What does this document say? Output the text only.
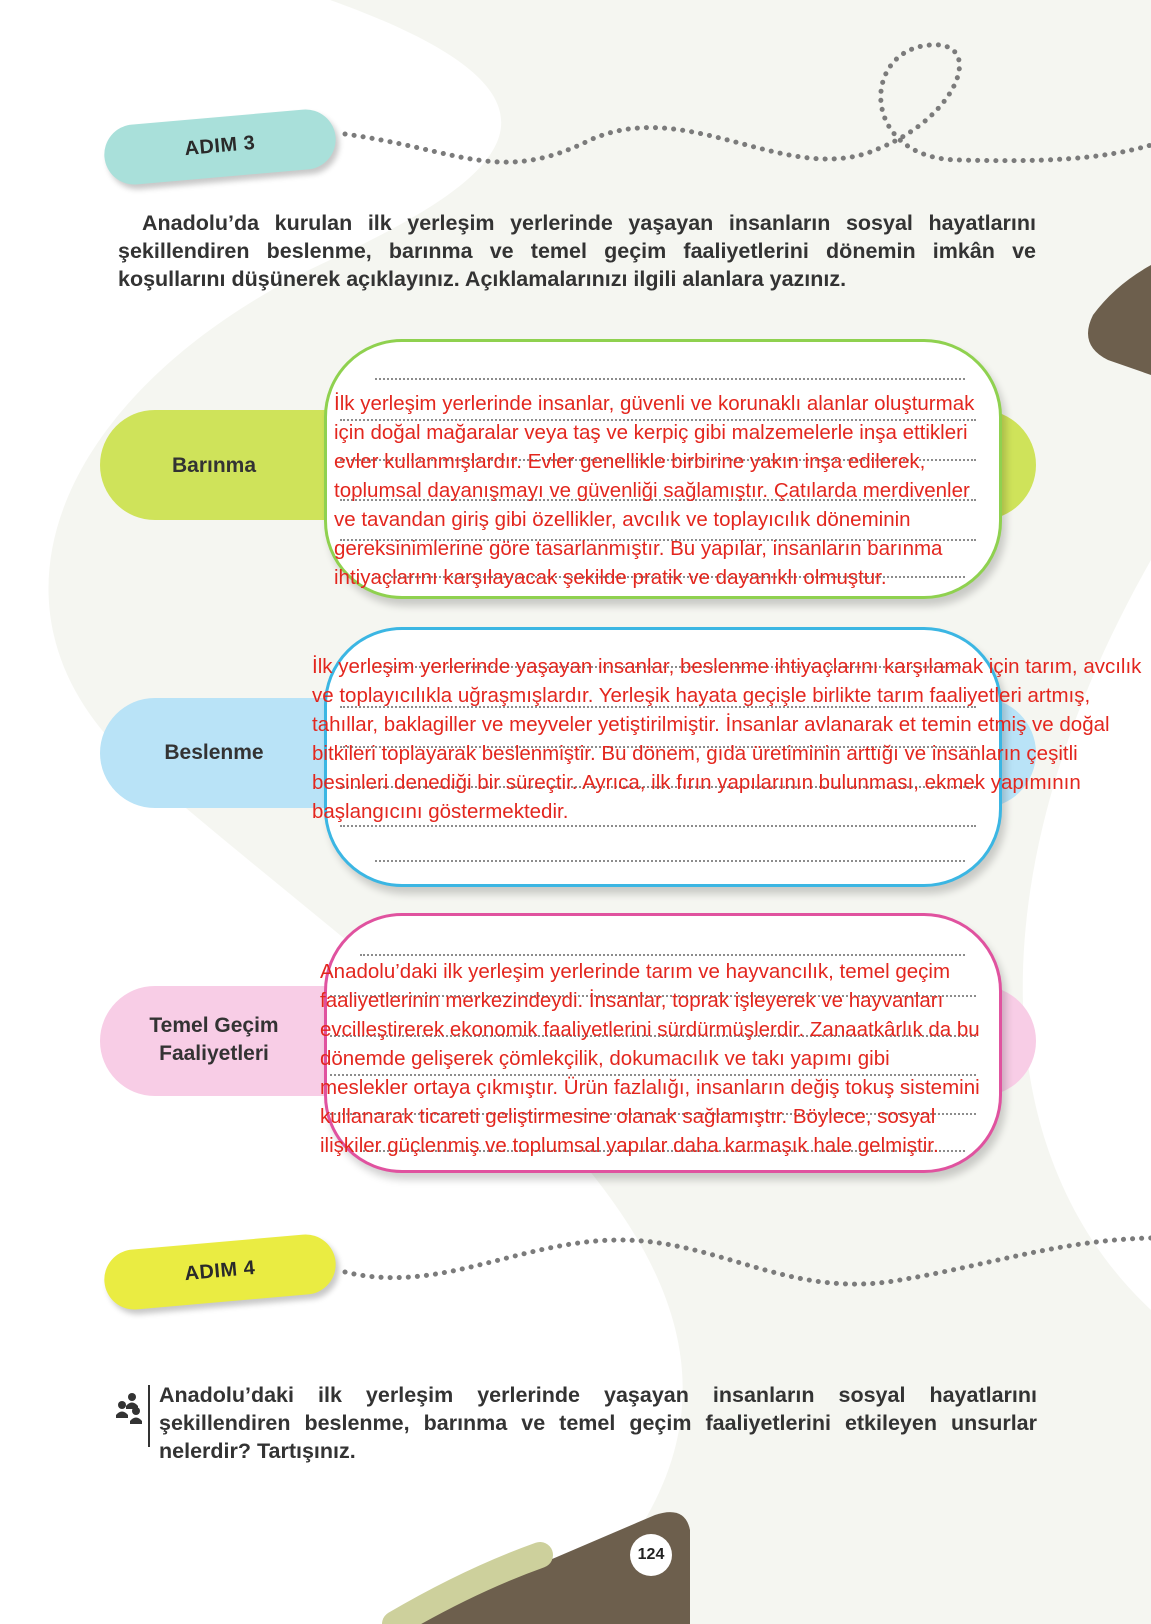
ADIM 3

Anadolu’da kurulan ilk yerleşim yerlerinde yaşayan insanların sosyal hayatlarını şekillendiren beslenme, barınma ve temel geçim faaliyetlerini dönemin imkân ve koşullarını düşünerek açıklayınız. Açıklamalarınızı ilgili alanlara yazınız.

Barınma

İlk yerleşim yerlerinde insanlar, güvenli ve korunaklı alanlar oluşturmak için doğal mağaralar veya taş ve kerpiç gibi malzemelerle inşa ettikleri evler kullanmışlardır. Evler genellikle birbirine yakın inşa edilerek, toplumsal dayanışmayı ve güvenliği sağlamıştır. Çatılarda merdivenler ve tavandan giriş gibi özellikler, avcılık ve toplayıcılık döneminin gereksinimlerine göre tasarlanmıştır. Bu yapılar, insanların barınma ihtiyaçlarını karşılayacak şekilde pratik ve dayanıklı olmuştur.

Beslenme

İlk yerleşim yerlerinde yaşayan insanlar, beslenme ihtiyaçlarını karşılamak için tarım, avcılık ve toplayıcılıkla uğraşmışlardır. Yerleşik hayata geçişle birlikte tarım faaliyetleri artmış, tahıllar, baklagiller ve meyveler yetiştirilmiştir. İnsanlar avlanarak et temin etmiş ve doğal bitkileri toplayarak beslenmiştir. Bu dönem, gıda üretiminin arttığı ve insanların çeşitli besinleri denediği bir süreçtir. Ayrıca, ilk fırın yapılarının bulunması, ekmek yapımının başlangıcını göstermektedir.

Temel Geçim Faaliyetleri

Anadolu’daki ilk yerleşim yerlerinde tarım ve hayvancılık, temel geçim faaliyetlerinin merkezindeydi. İnsanlar, toprak işleyerek ve hayvanları evcilleştirerek ekonomik faaliyetlerini sürdürmüşlerdir. Zanaatkârlık da bu dönemde gelişerek çömlekçilik, dokumacılık ve takı yapımı gibi meslekler ortaya çıkmıştır. Ürün fazlalığı, insanların değiş tokuş sistemini kullanarak ticareti geliştirmesine olanak sağlamıştır. Böylece, sosyal ilişkiler güçlenmiş ve toplumsal yapılar daha karmaşık hale gelmiştir.

ADIM 4

Anadolu’daki ilk yerleşim yerlerinde yaşayan insanların sosyal hayatlarını şekillendiren beslenme, barınma ve temel geçim faaliyetlerini etkileyen unsurlar nelerdir? Tartışınız.

124
